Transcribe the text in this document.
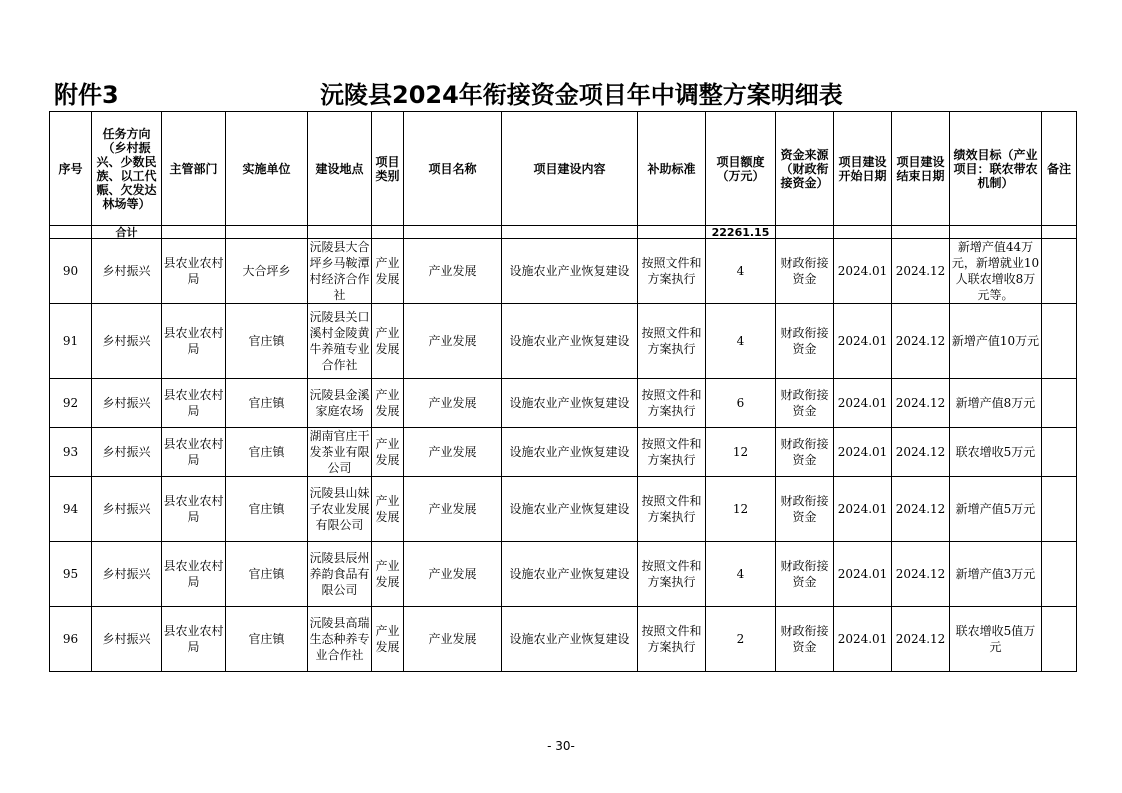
附件3	沅陵县2024年衔接资金项目年中调整方案明细表
序号	任务方向（乡村振兴、少数民族、以工代赈、欠发达林场等）	主管部门	实施单位	建设地点	项目类别	项目名称	项目建设内容	补助标准	项目额度（万元）	资金来源（财政衔接资金）	项目建设开始日期	项目建设结束日期	绩效目标（产业项目：联农带农机制）	备注
	合计								22261.15					

90	乡村振兴	县农业农村局	大合坪乡	沅陵县大合坪乡马鞍潭村经济合作社	产业发展	产业发展	设施农业产业恢复建设	按照文件和方案执行	4	财政衔接资金	2024.01	2024.12	新增产值44万元，新增就业10人联农增收8万元等。	

91	乡村振兴	县农业农村局	官庄镇	沅陵县关口溪村金陵黄牛养殖专业合作社	产业发展	产业发展	设施农业产业恢复建设	按照文件和方案执行	4	财政衔接资金	2024.01	2024.12	新增产值10万元	

92	乡村振兴	县农业农村局	官庄镇	沅陵县金溪家庭农场	产业发展	产业发展	设施农业产业恢复建设	按照文件和方案执行	6	财政衔接资金	2024.01	2024.12	新增产值8万元	

93	乡村振兴	县农业农村局	官庄镇	湖南官庄干发茶业有限公司	产业发展	产业发展	设施农业产业恢复建设	按照文件和方案执行	12	财政衔接资金	2024.01	2024.12	联农增收5万元	

94	乡村振兴	县农业农村局	官庄镇	沅陵县山妹子农业发展有限公司	产业发展	产业发展	设施农业产业恢复建设	按照文件和方案执行	12	财政衔接资金	2024.01	2024.12	新增产值5万元	

95	乡村振兴	县农业农村局	官庄镇	沅陵县辰州养韵食品有限公司	产业发展	产业发展	设施农业产业恢复建设	按照文件和方案执行	4	财政衔接资金	2024.01	2024.12	新增产值3万元	

96	乡村振兴	县农业农村局	官庄镇	沅陵县高瑞生态种养专业合作社	产业发展	产业发展	设施农业产业恢复建设	按照文件和方案执行	2	财政衔接资金	2024.01	2024.12	联农增收5值万元	

- 30-
